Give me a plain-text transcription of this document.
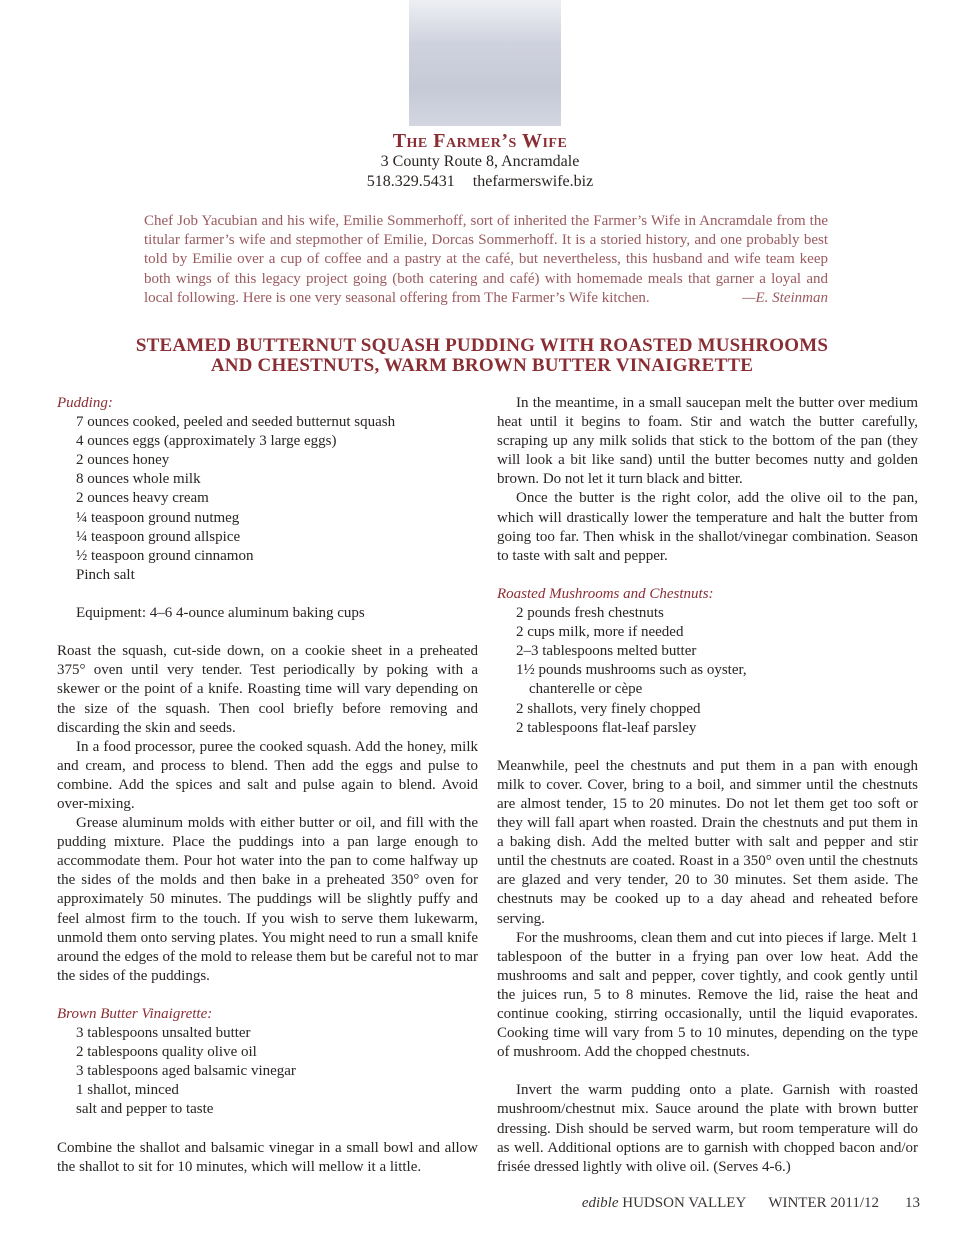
The Farmer’s Wife
3 County Route 8, Ancramdale
518.329.5431 thefarmerswife.biz
Chef Job Yacubian and his wife, Emilie Sommerhoff, sort of inherited the Farmer’s Wife in Ancramdale from the titular farmer’s wife and stepmother of Emilie, Dorcas Sommerhoff. It is a storied history, and one probably best told by Emilie over a cup of coffee and a pastry at the café, but nevertheless, this husband and wife team keep both wings of this legacy project going (both catering and café) with homemade meals that garner a loyal and local following. Here is one very seasonal offering from The Farmer’s Wife kitchen.	—E. Steinman
STEAMED BUTTERNUT SQUASH PUDDING WITH ROASTED MUSHROOMS
AND CHESTNUTS, WARM BROWN BUTTER VINAIGRETTE
Pudding:
7 ounces cooked, peeled and seeded butternut squash
4 ounces eggs (approximately 3 large eggs)
2 ounces honey
8 ounces whole milk
2 ounces heavy cream
¼ teaspoon ground nutmeg
¼ teaspoon ground allspice
½ teaspoon ground cinnamon
Pinch salt
Equipment: 4–6 4-ounce aluminum baking cups

Roast the squash, cut-side down, on a cookie sheet in a preheated 375° oven until very tender. Test periodically by poking with a skewer or the point of a knife. Roasting time will vary depending on the size of the squash. Then cool briefly before removing and discarding the skin and seeds.

In a food processor, puree the cooked squash. Add the honey, milk and cream, and process to blend. Then add the eggs and pulse to combine. Add the spices and salt and pulse again to blend. Avoid over-mixing.

Grease aluminum molds with either butter or oil, and fill with the pudding mixture. Place the puddings into a pan large enough to accommodate them. Pour hot water into the pan to come halfway up the sides of the molds and then bake in a preheated 350° oven for approximately 50 minutes. The puddings will be slightly puffy and feel almost firm to the touch. If you wish to serve them lukewarm, unmold them onto serving plates. You might need to run a small knife around the edges of the mold to release them but be careful not to mar the sides of the puddings.

Brown Butter Vinaigrette:
3 tablespoons unsalted butter
2 tablespoons quality olive oil
3 tablespoons aged balsamic vinegar
1 shallot, minced
salt and pepper to taste

Combine the shallot and balsamic vinegar in a small bowl and allow the shallot to sit for 10 minutes, which will mellow it a little.

In the meantime, in a small saucepan melt the butter over medium heat until it begins to foam. Stir and watch the butter carefully, scraping up any milk solids that stick to the bottom of the pan (they will look a bit like sand) until the butter becomes nutty and golden brown. Do not let it turn black and bitter.

Once the butter is the right color, add the olive oil to the pan, which will drastically lower the temperature and halt the butter from going too far. Then whisk in the shallot/vinegar combination. Season to taste with salt and pepper.

Roasted Mushrooms and Chestnuts:
2 pounds fresh chestnuts
2 cups milk, more if needed
2–3 tablespoons melted butter
1½ pounds mushrooms such as oyster,
chanterelle or cèpe
2 shallots, very finely chopped
2 tablespoons flat-leaf parsley

Meanwhile, peel the chestnuts and put them in a pan with enough milk to cover. Cover, bring to a boil, and simmer until the chestnuts are almost tender, 15 to 20 minutes. Do not let them get too soft or they will fall apart when roasted. Drain the chestnuts and put them in a baking dish. Add the melted butter with salt and pepper and stir until the chestnuts are coated. Roast in a 350° oven until the chestnuts are glazed and very tender, 20 to 30 minutes. Set them aside. The chestnuts may be cooked up to a day ahead and reheated before serving.

For the mushrooms, clean them and cut into pieces if large. Melt 1 tablespoon of the butter in a frying pan over low heat. Add the mushrooms and salt and pepper, cover tightly, and cook gently until the juices run, 5 to 8 minutes. Remove the lid, raise the heat and continue cooking, stirring occasionally, until the liquid evaporates. Cooking time will vary from 5 to 10 minutes, depending on the type of mushroom. Add the chopped chestnuts.

Invert the warm pudding onto a plate. Garnish with roasted mushroom/chestnut mix. Sauce around the plate with brown butter dressing. Dish should be served warm, but room temperature will do as well. Additional options are to garnish with chopped bacon and/or frisée dressed lightly with olive oil. (Serves 4-6.)

edible HUDSON VALLEY WINTER 2011/12 13
